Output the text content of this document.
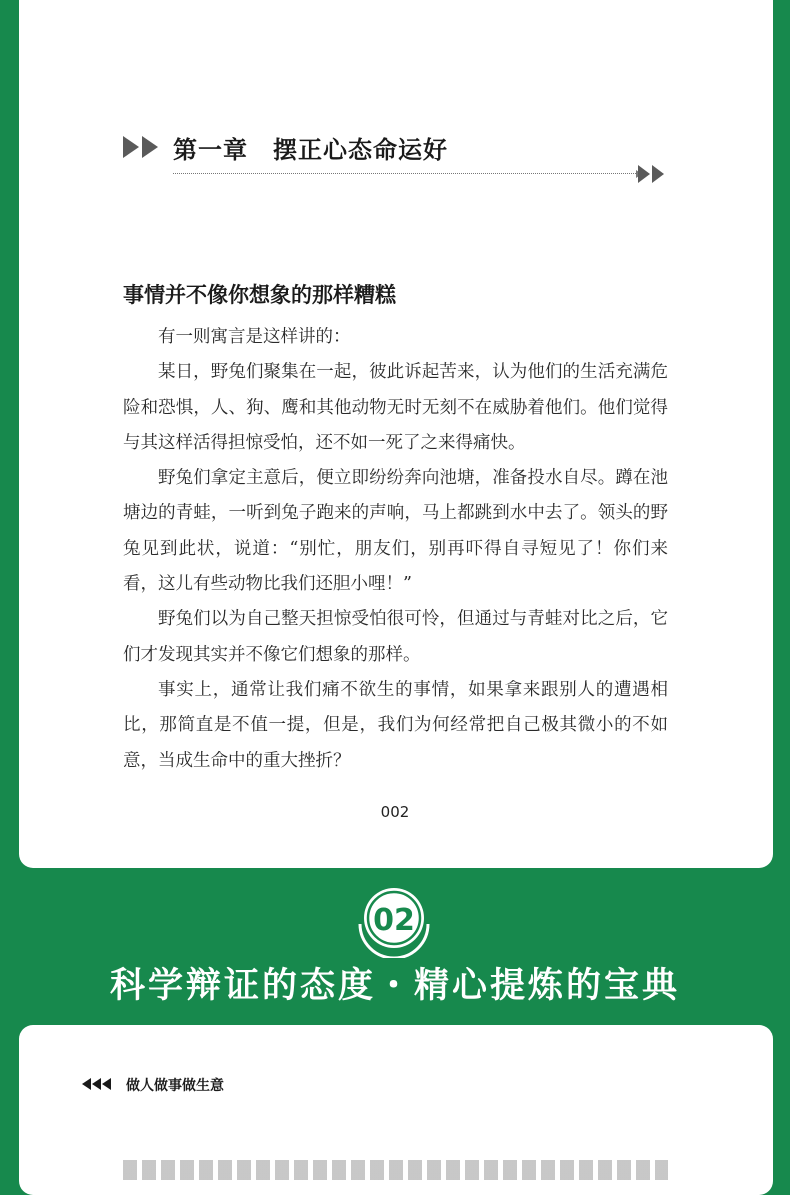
第一章　摆正心态命运好
事情并不像你想象的那样糟糕

有一则寓言是这样讲的：

某日，野兔们聚集在一起，彼此诉起苦来，认为他们的生活充满危险和恐惧，人、狗、鹰和其他动物无时无刻不在威胁着他们。他们觉得与其这样活得担惊受怕，还不如一死了之来得痛快。

野兔们拿定主意后，便立即纷纷奔向池塘，准备投水自尽。蹲在池塘边的青蛙，一听到兔子跑来的声响，马上都跳到水中去了。领头的野兔见到此状，说道：“别忙，朋友们，别再吓得自寻短见了！你们来看，这儿有些动物比我们还胆小哩！”

野兔们以为自己整天担惊受怕很可怜，但通过与青蛙对比之后，它们才发现其实并不像它们想象的那样。

事实上，通常让我们痛不欲生的事情，如果拿来跟别人的遭遇相比，那简直是不值一提，但是，我们为何经常把自己极其微小的不如意，当成生命中的重大挫折？

002
02
科学辩证的态度・精心提炼的宝典
做人做事做生意
